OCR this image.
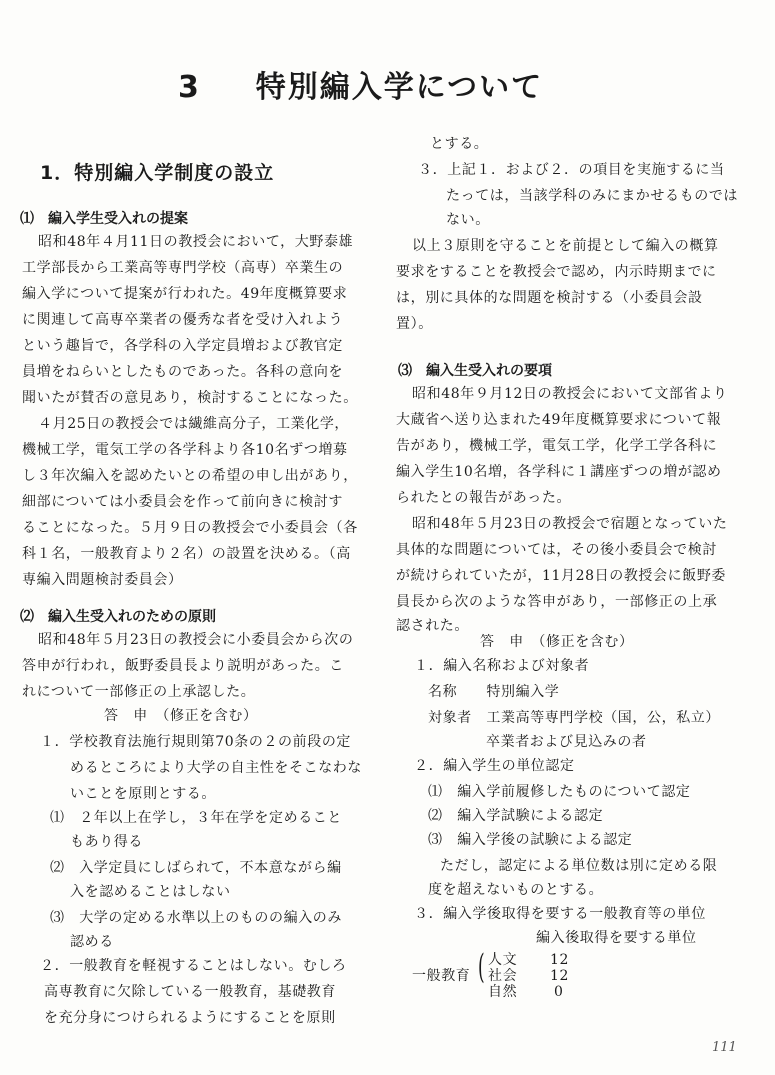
3 特別編入学について
1．特別編入学制度の設立
⑴　編入学生受入れの提案
昭和48年４月11日の教授会において，大野泰雄
工学部長から工業高等専門学校（高専）卒業生の
編入学について提案が行われた。49年度概算要求
に関連して高専卒業者の優秀な者を受け入れよう
という趣旨で，各学科の入学定員増および教官定
員増をねらいとしたものであった。各科の意向を
聞いたが賛否の意見あり，検討することになった。
４月25日の教授会では繊維高分子，工業化学，
機械工学，電気工学の各学科より各10名ずつ増募
し３年次編入を認めたいとの希望の申し出があり，
細部については小委員会を作って前向きに検討す
ることになった。５月９日の教授会で小委員会（各
科１名，一般教育より２名）の設置を決める。（高
専編入問題検討委員会）
⑵　編入生受入れのための原則
昭和48年５月23日の教授会に小委員会から次の
答申が行われ，飯野委員長より説明があった。こ
れについて一部修正の上承認した。
答　申　（修正を含む）
１．学校教育法施行規則第70条の２の前段の定
めるところにより大学の自主性をそこなわな
いことを原則とする。
⑴　２年以上在学し，３年在学を定めること
もあり得る
⑵　入学定員にしばられて，不本意ながら編
入を認めることはしない
⑶　大学の定める水準以上のものの編入のみ
認める
２．一般教育を軽視することはしない。むしろ
高専教育に欠除している一般教育，基礎教育
を充分身につけられるようにすることを原則
とする。
３．上記１．および２．の項目を実施するに当
たっては，当該学科のみにまかせるものでは
ない。
以上３原則を守ることを前提として編入の概算
要求をすることを教授会で認め，内示時期までに
は，別に具体的な問題を検討する（小委員会設
置）。
⑶　編入生受入れの要項
昭和48年９月12日の教授会において文部省より
大蔵省へ送り込まれた49年度概算要求について報
告があり，機械工学，電気工学，化学工学各科に
編入学生10名増，各学科に１講座ずつの増が認め
られたとの報告があった。
昭和48年５月23日の教授会で宿題となっていた
具体的な問題については，その後小委員会で検討
が続けられていたが，11月28日の教授会に飯野委
員長から次のような答申があり，一部修正の上承
認された。
答　申　（修正を含む）
１．編入名称および対象者
名称　　特別編入学
対象者　工業高等専門学校（国，公，私立）
卒業者および見込みの者
２．編入学生の単位認定
⑴　編入学前履修したものについて認定
⑵　編入学試験による認定
⑶　編入学後の試験による認定
ただし，認定による単位数は別に定める限
度を超えないものとする。
３．編入学後取得を要する一般教育等の単位
編入後取得を要する単位
一般教育 ( 人文 12
社会 12
自然	0
111
